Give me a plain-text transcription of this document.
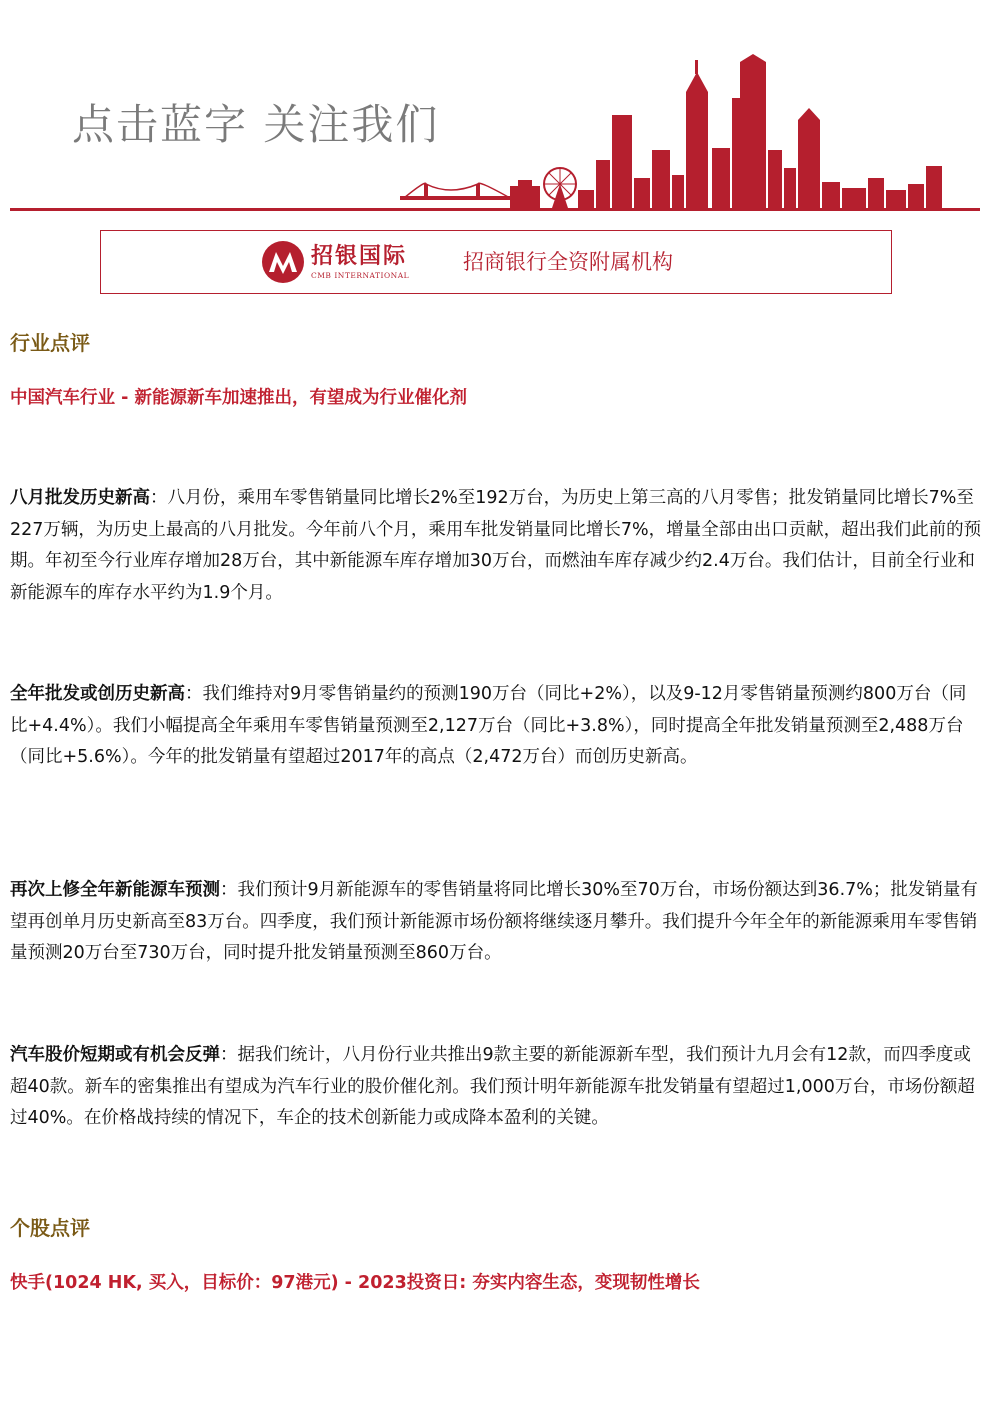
点击蓝字 关注我们
招银国际
CMB INTERNATIONAL
招商银行全资附属机构
行业点评
中国汽车行业 - 新能源新车加速推出，有望成为行业催化剂
八月批发历史新高：八月份，乘用车零售销量同比增长2%至192万台，为历史上第三高的八月零售；批发销量同比增长7%至227万辆，为历史上最高的八月批发。今年前八个月，乘用车批发销量同比增长7%，增量全部由出口贡献，超出我们此前的预期。年初至今行业库存增加28万台，其中新能源车库存增加30万台，而燃油车库存减少约2.4万台。我们估计，目前全行业和新能源车的库存水平约为1.9个月。
全年批发或创历史新高：我们维持对9月零售销量约的预测190万台（同比+2%），以及9-12月零售销量预测约800万台（同比+4.4%）。我们小幅提高全年乘用车零售销量预测至2,127万台（同比+3.8%），同时提高全年批发销量预测至2,488万台（同比+5.6%）。今年的批发销量有望超过2017年的高点（2,472万台）而创历史新高。
再次上修全年新能源车预测：我们预计9月新能源车的零售销量将同比增长30%至70万台，市场份额达到36.7%；批发销量有望再创单月历史新高至83万台。四季度，我们预计新能源市场份额将继续逐月攀升。我们提升今年全年的新能源乘用车零售销量预测20万台至730万台，同时提升批发销量预测至860万台。
汽车股价短期或有机会反弹：据我们统计，八月份行业共推出9款主要的新能源新车型，我们预计九月会有12款，而四季度或超40款。新车的密集推出有望成为汽车行业的股价催化剂。我们预计明年新能源车批发销量有望超过1,000万台，市场份额超过40%。在价格战持续的情况下，车企的技术创新能力或成降本盈利的关键。
个股点评
快手(1024 HK, 买入，目标价：97港元) - 2023投资日: 夯实内容生态，变现韧性增长
